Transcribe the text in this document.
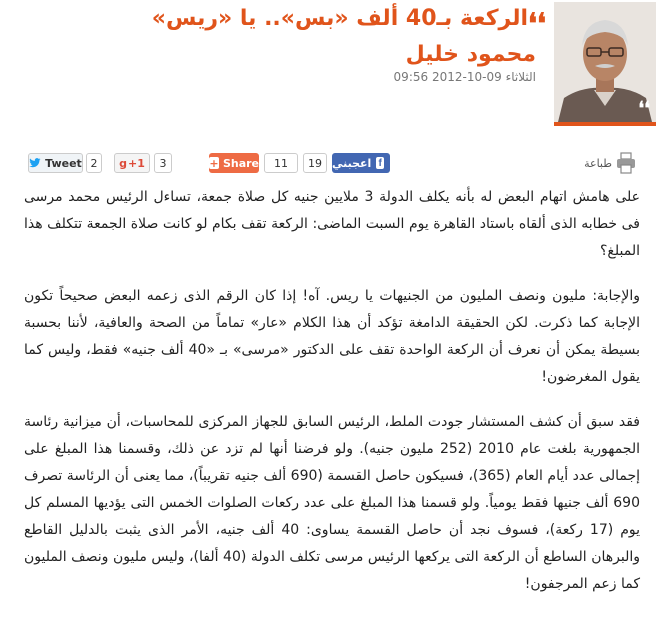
❛❛
❛❛
الركعة بـ40 ألف «بس».. يا «ريس»
محمود خليل
الثلاثاء 09-10-2012 09:56
طباعة
اعجبني f
19
11
+ Share
3
g +1
2
Tweet

على هامش اتهام البعض له بأنه يكلف الدولة 3 ملايين جنيه كل صلاة جمعة، تساءل الرئيس محمد مرسى فى خطابه الذى ألقاه باستاد القاهرة يوم السبت الماضى: الركعة تقف بكام لو كانت صلاة الجمعة تتكلف هذا المبلغ؟

والإجابة: مليون ونصف المليون من الجنيهات يا ريس. آه! إذا كان الرقم الذى زعمه البعض صحيحاً تكون الإجابة كما ذكرت. لكن الحقيقة الدامغة تؤكد أن هذا الكلام «عار» تماماً من الصحة والعافية، لأننا بحسبة بسيطة يمكن أن نعرف أن الركعة الواحدة تقف على الدكتور «مرسى» بـ «40 ألف جنيه» فقط، وليس كما يقول المغرضون!

فقد سبق أن كشف المستشار جودت الملط، الرئيس السابق للجهاز المركزى للمحاسبات، أن ميزانية رئاسة الجمهورية بلغت عام 2010 (252 مليون جنيه). ولو فرضنا أنها لم تزد عن ذلك، وقسمنا هذا المبلغ على إجمالى عدد أيام العام (365)، فسيكون حاصل القسمة (690 ألف جنيه تقريباً)، مما يعنى أن الرئاسة تصرف 690 ألف جنيها فقط يومياً. ولو قسمنا هذا المبلغ على عدد ركعات الصلوات الخمس التى يؤديها المسلم كل يوم (17 ركعة)، فسوف نجد أن حاصل القسمة يساوى: 40 ألف جنيه، الأمر الذى يثبت بالدليل القاطع والبرهان الساطع أن الركعة التى يركعها الرئيس مرسى تكلف الدولة (40 ألفا)، وليس مليون ونصف المليون كما زعم المرجفون!
